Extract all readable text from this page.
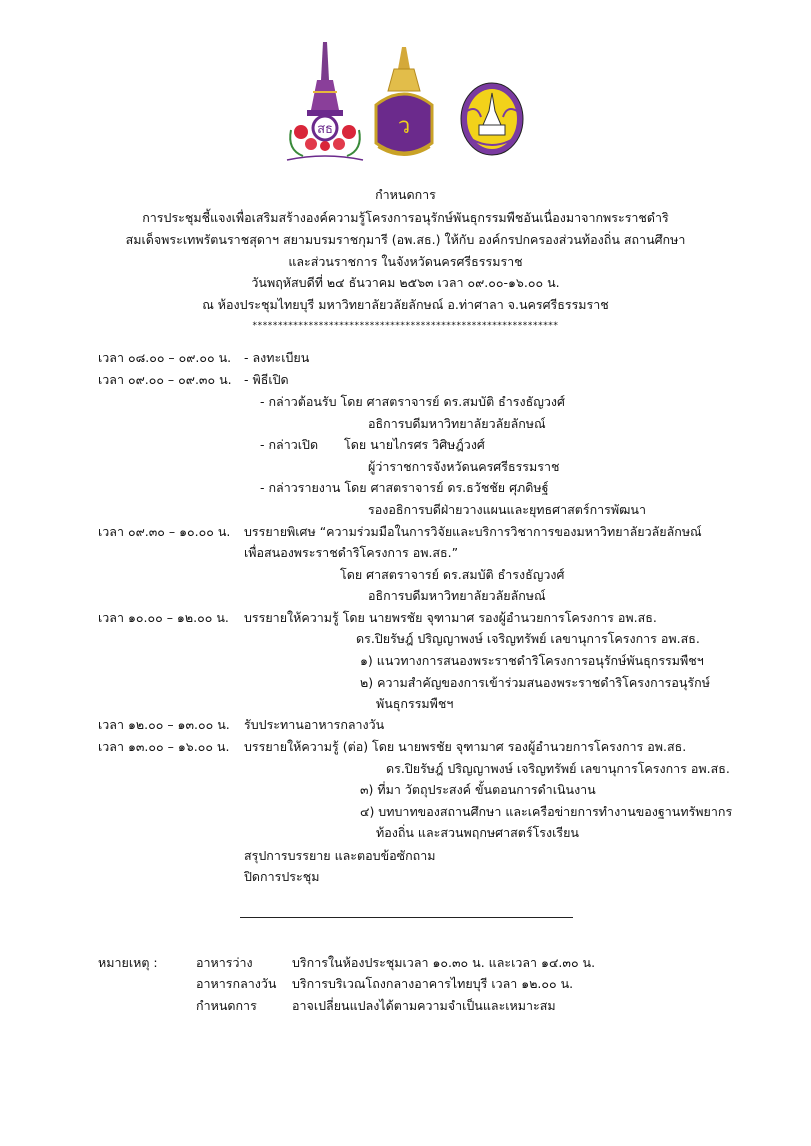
สธ	ว
กำหนดการ
การประชุมชี้แจงเพื่อเสริมสร้างองค์ความรู้โครงการอนุรักษ์พันธุกรรมพืชอันเนื่องมาจากพระราชดำริ
สมเด็จพระเทพรัตนราชสุดาฯ สยามบรมราชกุมารี (อพ.สธ.) ให้กับ องค์กรปกครองส่วนท้องถิ่น สถานศึกษา
และส่วนราชการ ในจังหวัดนครศรีธรรมราช
วันพฤหัสบดีที่ ๒๔ ธันวาคม ๒๕๖๓ เวลา ๐๙.๐๐-๑๖.๐๐ น.
ณ ห้องประชุมไทยบุรี มหาวิทยาลัยวลัยลักษณ์ อ.ท่าศาลา จ.นครศรีธรรมราช
************************************************************
เวลา ๐๘.๐๐ – ๐๙.๐๐ น. - ลงทะเบียน
เวลา ๐๙.๐๐ – ๐๙.๓๐ น. - พิธีเปิด
- กล่าวต้อนรับ โดย ศาสตราจารย์ ดร.สมบัติ ธำรงธัญวงศ์
อธิการบดีมหาวิทยาลัยวลัยลักษณ์
- กล่าวเปิด โดย นายไกรศร วิศิษฎ์วงศ์
ผู้ว่าราชการจังหวัดนครศรีธรรมราช
- กล่าวรายงาน โดย ศาสตราจารย์ ดร.ธวัชชัย ศุภดิษฐ์
รองอธิการบดีฝ่ายวางแผนและยุทธศาสตร์การพัฒนา
เวลา ๐๙.๓๐ – ๑๐.๐๐ น. บรรยายพิเศษ “ความร่วมมือในการวิจัยและบริการวิชาการของมหาวิทยาลัยวลัยลักษณ์
เพื่อสนองพระราชดำริโครงการ อพ.สธ.”
โดย ศาสตราจารย์ ดร.สมบัติ ธำรงธัญวงศ์
อธิการบดีมหาวิทยาลัยวลัยลักษณ์
เวลา ๑๐.๐๐ – ๑๒.๐๐ น. บรรยายให้ความรู้ โดย นายพรชัย จุฑามาศ รองผู้อำนวยการโครงการ อพ.สธ.
ดร.ปิยรัษฎ์ ปริญญาพงษ์ เจริญทรัพย์ เลขานุการโครงการ อพ.สธ.
๑) แนวทางการสนองพระราชดำริโครงการอนุรักษ์พันธุกรรมพืชฯ
๒) ความสำคัญของการเข้าร่วมสนองพระราชดำริโครงการอนุรักษ์
พันธุกรรมพืชฯ
เวลา ๑๒.๐๐ – ๑๓.๐๐ น. รับประทานอาหารกลางวัน
เวลา ๑๓.๐๐ – ๑๖.๐๐ น. บรรยายให้ความรู้ (ต่อ) โดย นายพรชัย จุฑามาศ รองผู้อำนวยการโครงการ อพ.สธ.
ดร.ปิยรัษฎ์ ปริญญาพงษ์ เจริญทรัพย์ เลขานุการโครงการ อพ.สธ.
๓) ที่มา วัตถุประสงค์ ขั้นตอนการดำเนินงาน
๔) บทบาทของสถานศึกษา และเครือข่ายการทำงานของฐานทรัพยากร
ท้องถิ่น และสวนพฤกษศาสตร์โรงเรียน
สรุปการบรรยาย และตอบข้อซักถาม
ปิดการประชุม
หมายเหตุ :	อาหารว่าง	บริการในห้องประชุมเวลา ๑๐.๓๐ น. และเวลา ๑๔.๓๐ น.
อาหารกลางวัน บริการบริเวณโถงกลางอาคารไทยบุรี เวลา ๑๒.๐๐ น.
กำหนดการ	อาจเปลี่ยนแปลงได้ตามความจำเป็นและเหมาะสม
